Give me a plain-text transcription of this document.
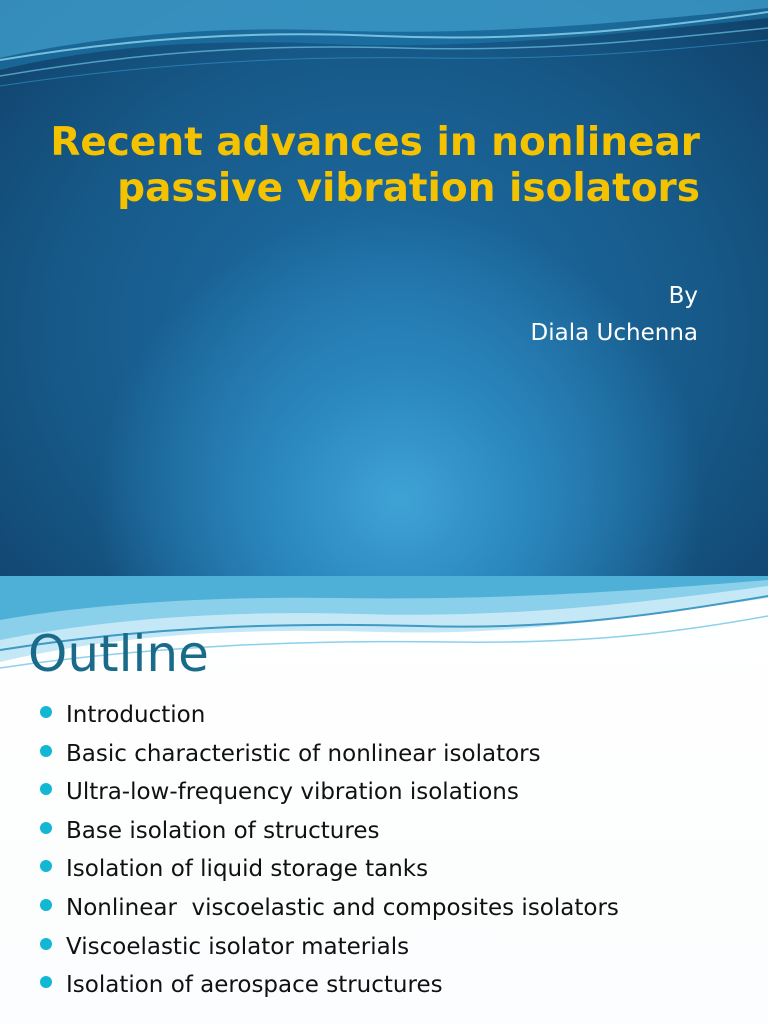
Recent advances in nonlinear passive vibration isolators
By
Diala Uchenna
Outline
Introduction
Basic characteristic of nonlinear isolators
Ultra-low-frequency vibration isolations
Base isolation of structures
Isolation of liquid storage tanks
Nonlinear  viscoelastic and composites isolators
Viscoelastic isolator materials
Isolation of aerospace structures
